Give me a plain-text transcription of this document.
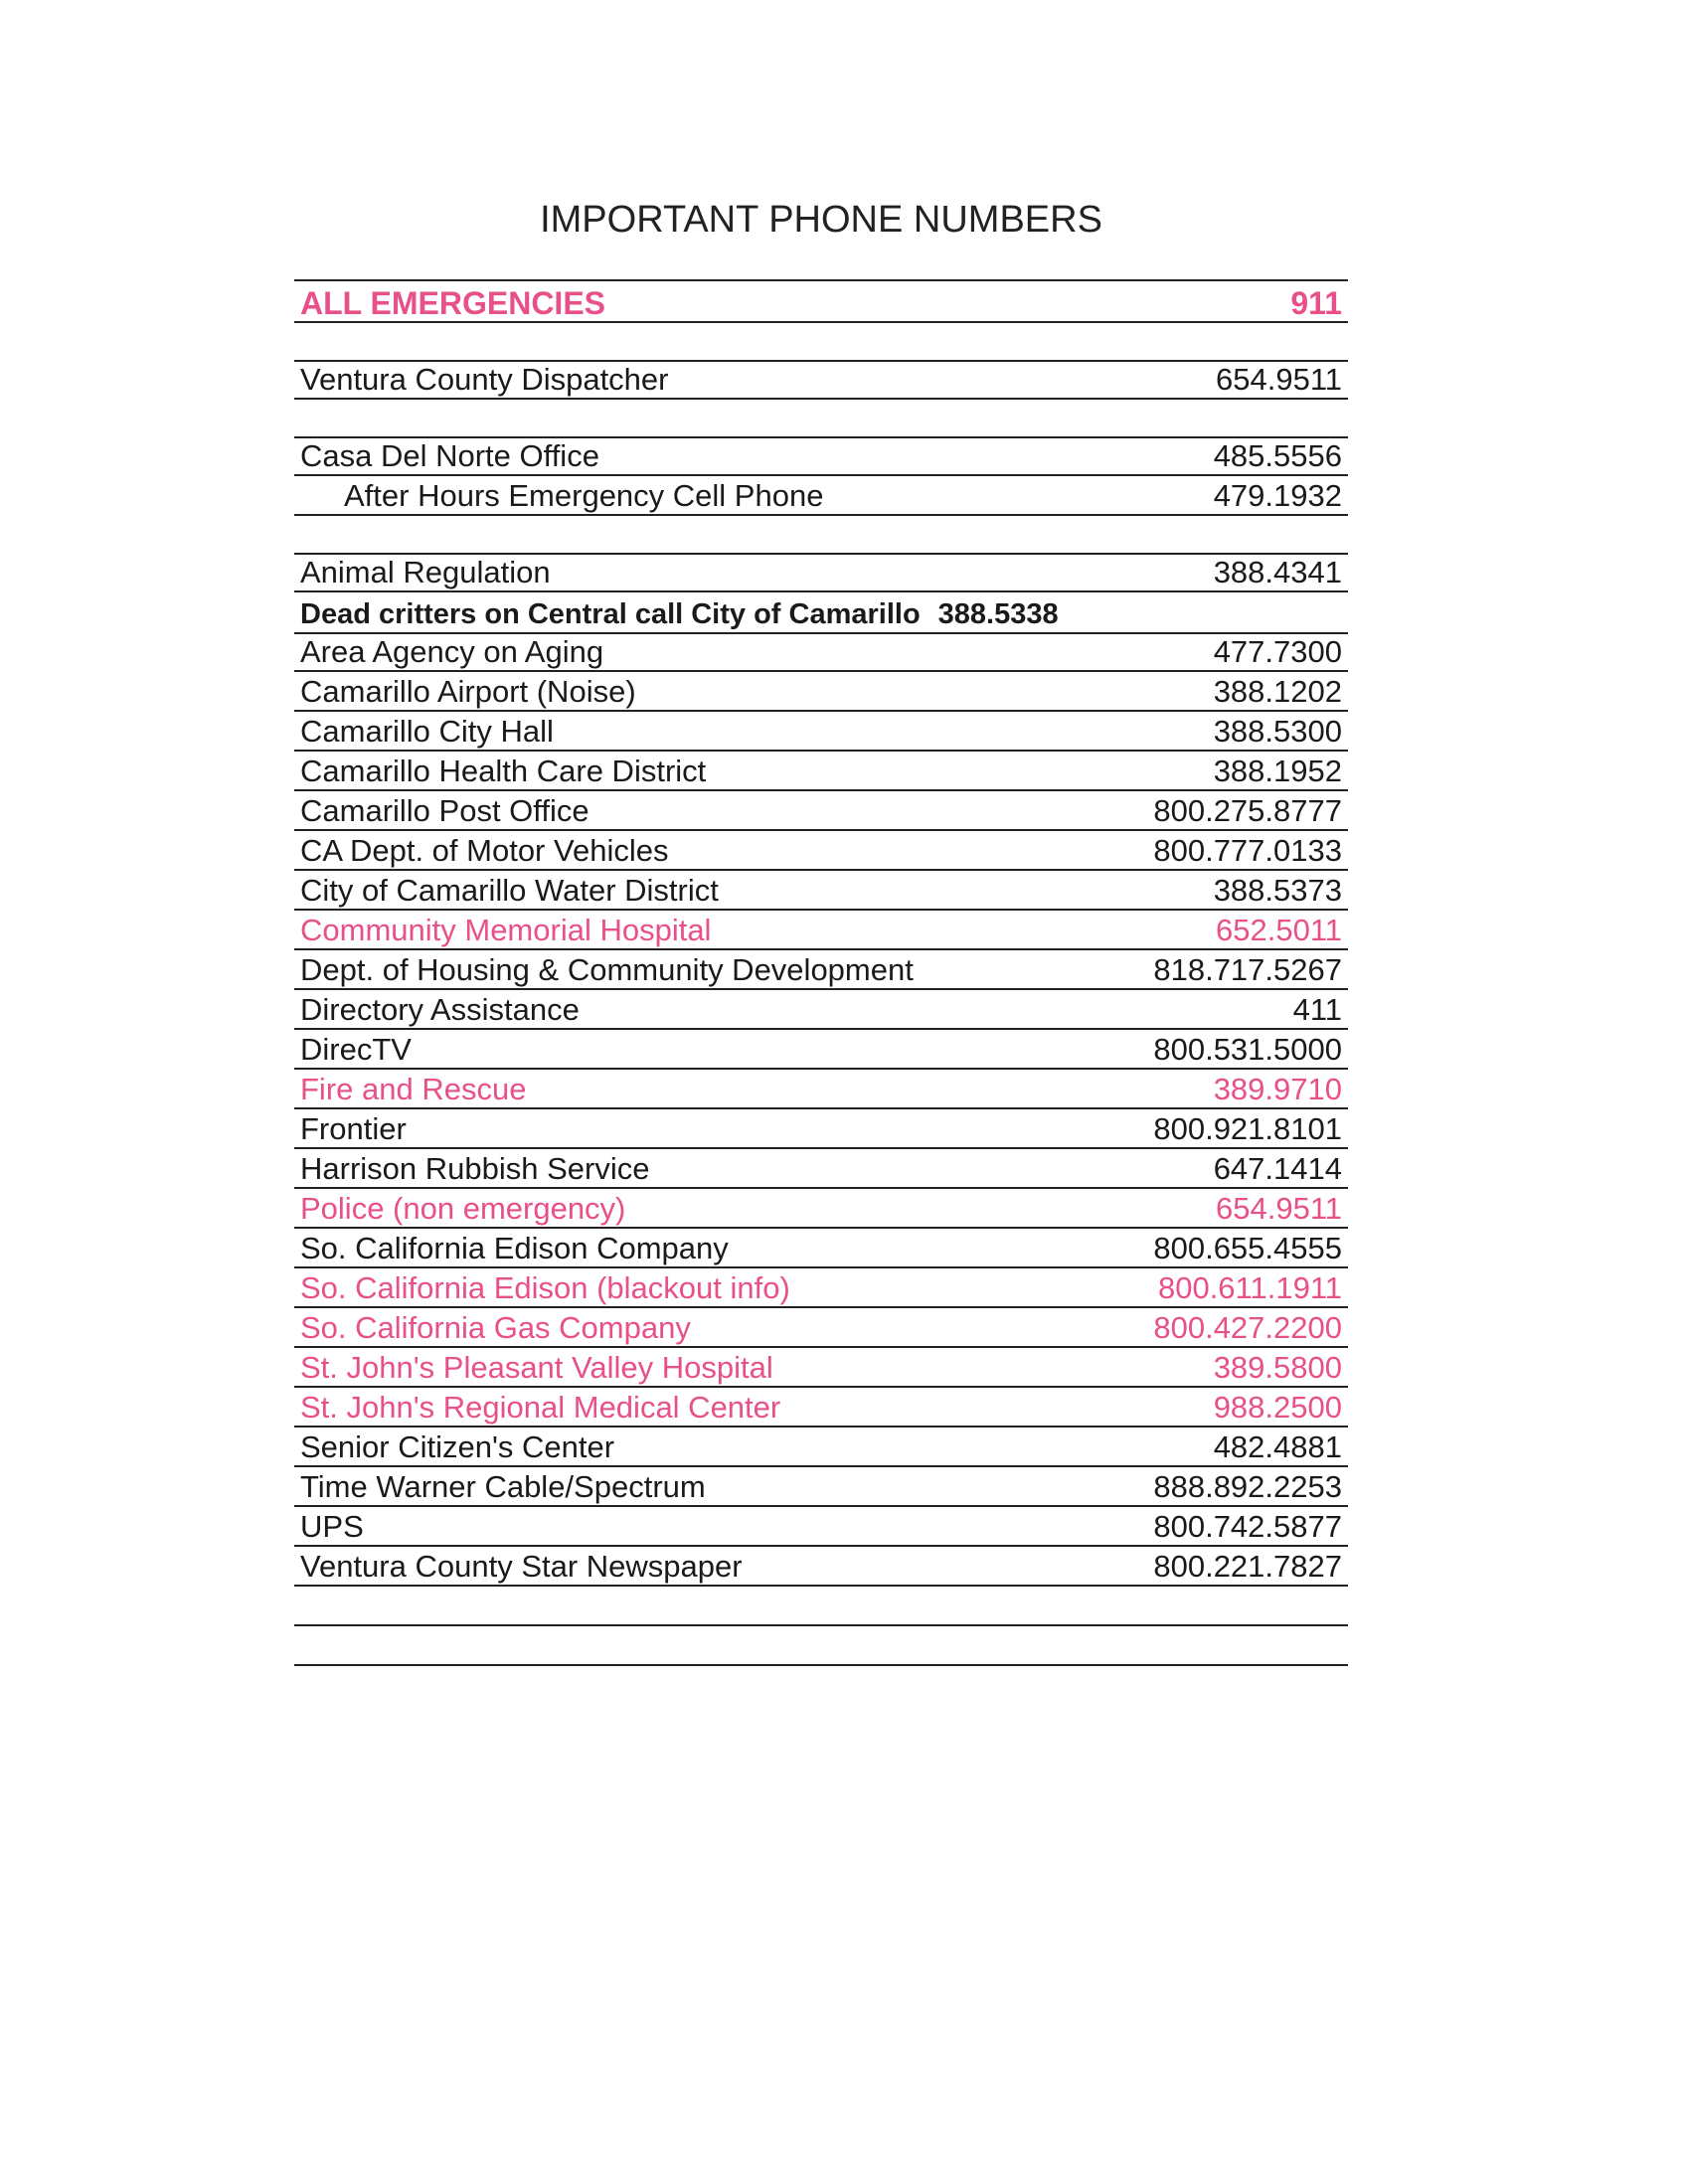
IMPORTANT PHONE NUMBERS
ALL EMERGENCIES	911
Ventura County Dispatcher	654.9511
Casa Del Norte Office	485.5556
After Hours Emergency Cell Phone	479.1932
Animal Regulation	388.4341
Dead critters on Central call City of Camarillo 388.5338
Area Agency on Aging	477.7300
Camarillo Airport (Noise)	388.1202
Camarillo City Hall	388.5300
Camarillo Health Care District	388.1952
Camarillo Post Office	800.275.8777
CA Dept. of Motor Vehicles	800.777.0133
City of Camarillo Water District	388.5373
Community Memorial Hospital	652.5011
Dept. of Housing & Community Development	818.717.5267
Directory Assistance	411
DirecTV	800.531.5000
Fire and Rescue	389.9710
Frontier	800.921.8101
Harrison Rubbish Service	647.1414
Police (non emergency)	654.9511
So. California Edison Company	800.655.4555
So. California Edison (blackout info)	800.611.1911
So. California Gas Company	800.427.2200
St. John's Pleasant Valley Hospital	389.5800
St. John's Regional Medical Center	988.2500
Senior Citizen's Center	482.4881
Time Warner Cable/Spectrum	888.892.2253
UPS	800.742.5877
Ventura County Star Newspaper	800.221.7827
